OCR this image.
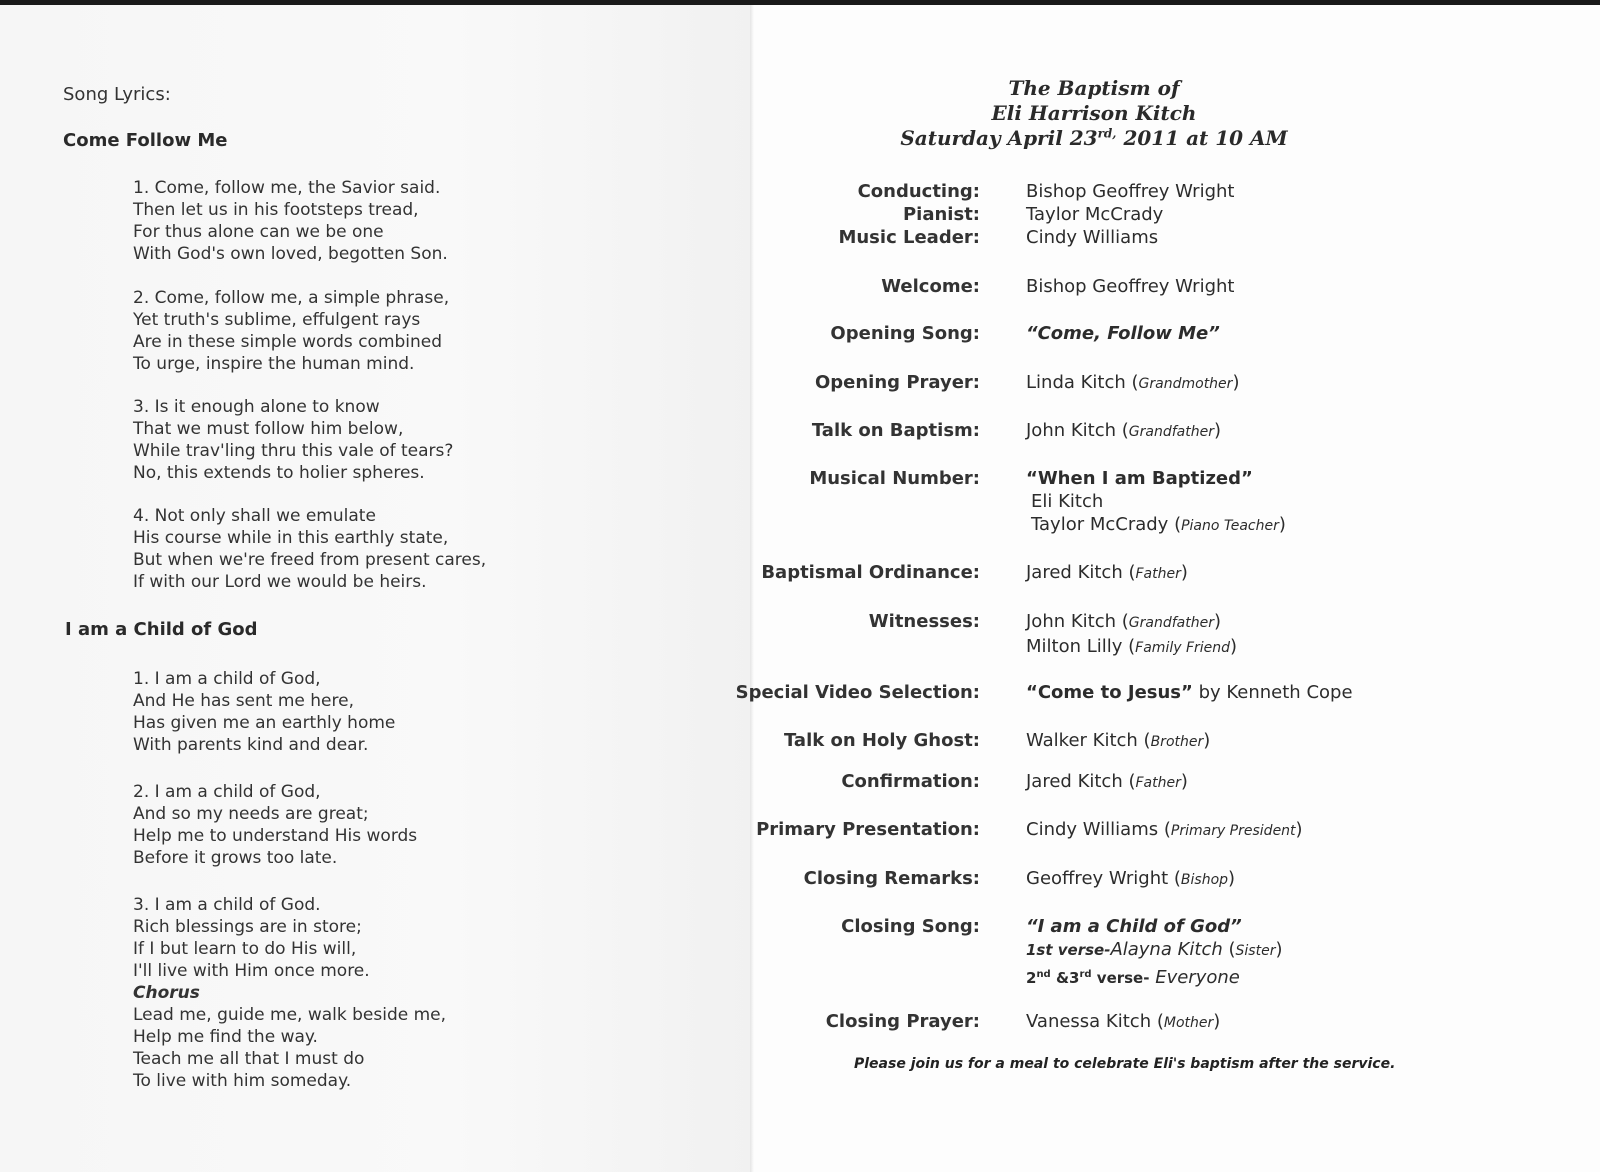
Song Lyrics:
Come Follow Me
1. Come, follow me, the Savior said.
Then let us in his footsteps tread,
For thus alone can we be one
With God's own loved, begotten Son.
2. Come, follow me, a simple phrase,
Yet truth's sublime, effulgent rays
Are in these simple words combined
To urge, inspire the human mind.
3. Is it enough alone to know
That we must follow him below,
While trav'ling thru this vale of tears?
No, this extends to holier spheres.
4. Not only shall we emulate
His course while in this earthly state,
But when we're freed from present cares,
If with our Lord we would be heirs.
I am a Child of God
1. I am a child of God,
And He has sent me here,
Has given me an earthly home
With parents kind and dear.
2. I am a child of God,
And so my needs are great;
Help me to understand His words
Before it grows too late.
3. I am a child of God.
Rich blessings are in store;
If I but learn to do His will,
I'll live with Him once more.
Chorus
Lead me, guide me, walk beside me,
Help me find the way.
Teach me all that I must do
To live with him someday.
The Baptism of
Eli Harrison Kitch
Saturday April $23^{rd,}$ 2011 at 10 AM
Conducting:	Bishop Geoffrey Wright
Pianist:	Taylor McCrady
Music Leader:	Cindy Williams
Welcome:	Bishop Geoffrey Wright
Opening Song:	“Come, Follow Me”
Opening Prayer:	Linda Kitch (Grandmother)
Talk on Baptism:	John Kitch (Grandfather)
Musical Number:	“When I am Baptized”
Eli Kitch
Taylor McCrady (Piano Teacher)
Baptismal Ordinance:	Jared Kitch (Father)
Witnesses:	John Kitch (Grandfather)
Milton Lilly (Family Friend)
Special Video Selection:	“Come to Jesus” by Kenneth Cope
Talk on Holy Ghost:	Walker Kitch (Brother)
Confirmation:	Jared Kitch (Father)
Primary Presentation:	Cindy Williams (Primary President)
Closing Remarks:	Geoffrey Wright (Bishop)
Closing Song:	“I am a Child of God”
1st verse-Alayna Kitch (Sister)
2nd &3rd verse- Everyone
Closing Prayer:	Vanessa Kitch (Mother)
Please join us for a meal to celebrate Eli's baptism after the service.
